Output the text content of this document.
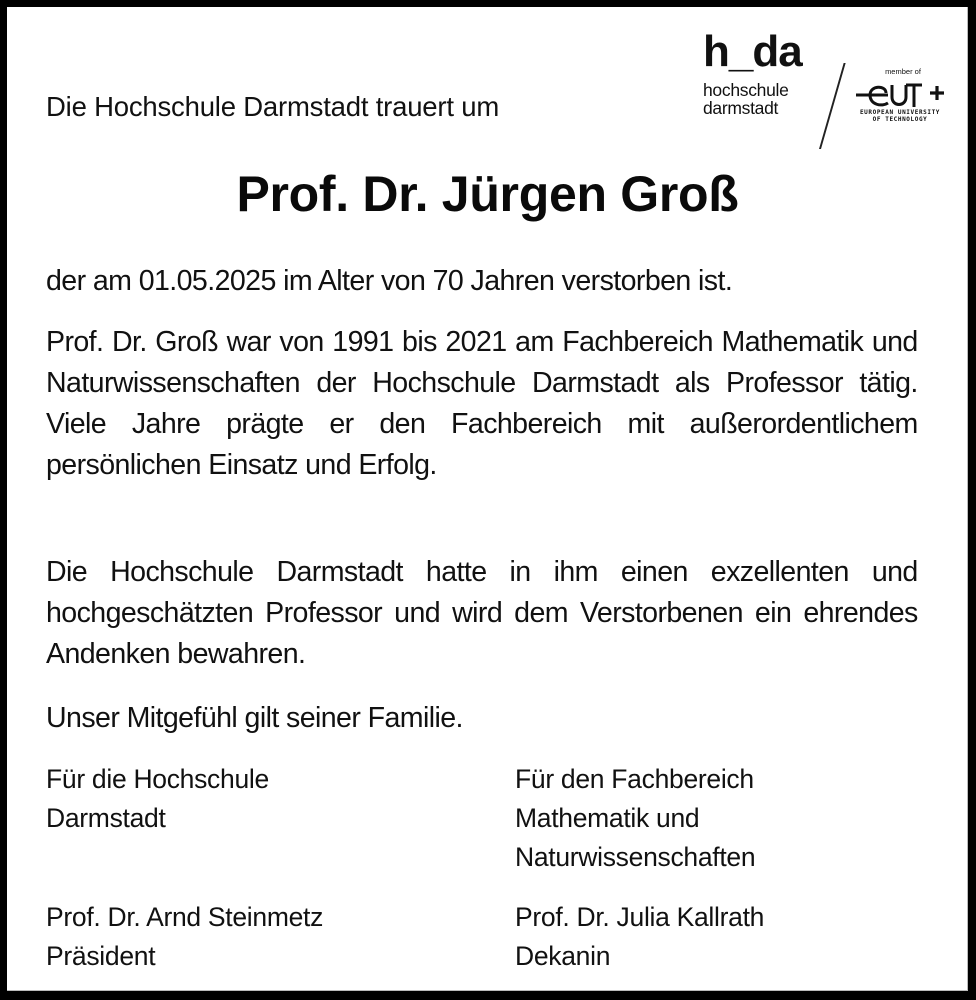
Die Hochschule Darmstadt trauert um
h_da
hochschule
darmstadt
member of
EUROPEAN UNIVERSITY
OF TECHNOLOGY
Prof. Dr. Jürgen Groß
der am 01.05.2025 im Alter von 70 Jahren verstorben ist.
Prof. Dr. Groß war von 1991 bis 2021 am Fachbereich Mathematik und Naturwissenschaften der Hochschule Darmstadt als Professor tätig. Viele Jahre prägte er den Fachbereich mit außerordentlichem persönlichen Einsatz und Erfolg.
Die Hochschule Darmstadt hatte in ihm einen exzellenten und hochgeschätzten Professor und wird dem Verstorbenen ein ehrendes Andenken bewahren.
Unser Mitgefühl gilt seiner Familie.
Für die Hochschule
Darmstadt
Für den Fachbereich
Mathematik und
Naturwissenschaften
Prof. Dr. Arnd Steinmetz
Präsident
Prof. Dr. Julia Kallrath
Dekanin
